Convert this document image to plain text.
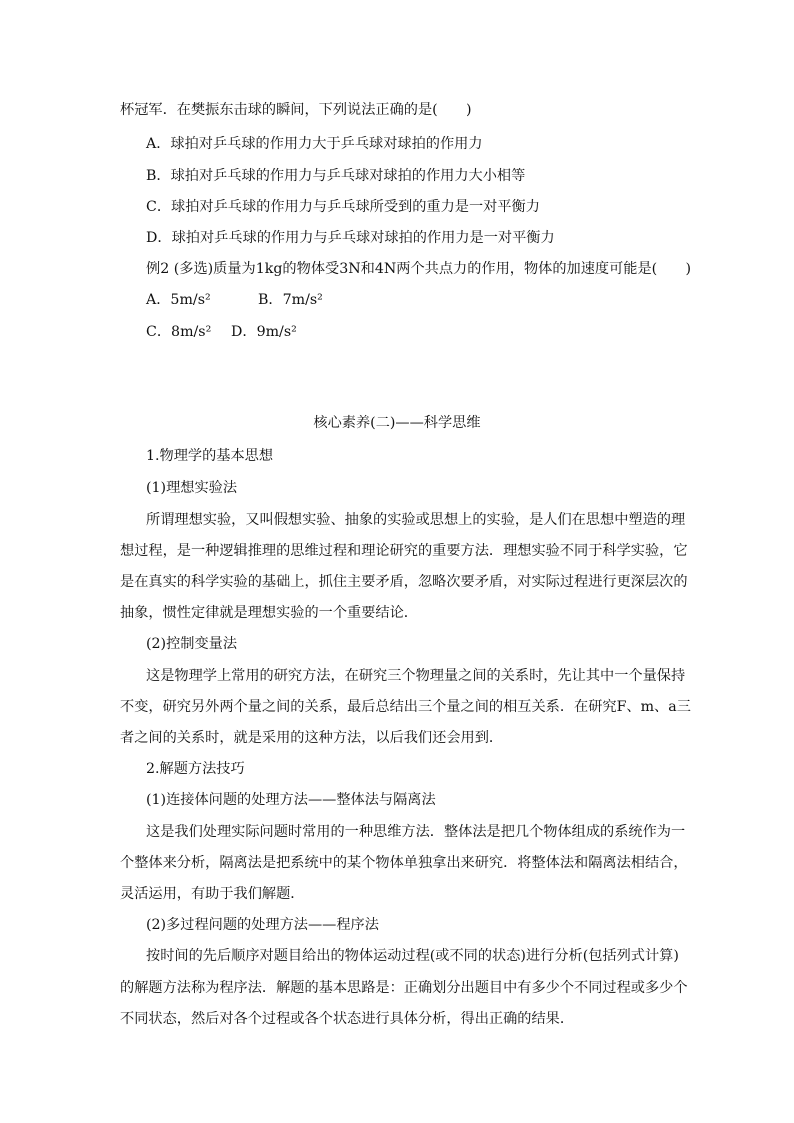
杯冠军．在樊振东击球的瞬间，下列说法正确的是(　　)
A．球拍对乒乓球的作用力大于乒乓球对球拍的作用力
B．球拍对乒乓球的作用力与乒乓球对球拍的作用力大小相等
C．球拍对乒乓球的作用力与乒乓球所受到的重力是一对平衡力
D．球拍对乒乓球的作用力与乒乓球对球拍的作用力是一对平衡力
例2 (多选)质量为1kg的物体受3N和4N两个共点力的作用，物体的加速度可能是(　　)
A．5m/s²	B．7m/s²
C．8m/s² D．9m/s²
核心素养(二)——科学思维
1.物理学的基本思想
(1)理想实验法
所谓理想实验，又叫假想实验、抽象的实验或思想上的实验，是人们在思想中塑造的理
想过程，是一种逻辑推理的思维过程和理论研究的重要方法．理想实验不同于科学实验，它
是在真实的科学实验的基础上，抓住主要矛盾，忽略次要矛盾，对实际过程进行更深层次的
抽象，惯性定律就是理想实验的一个重要结论．
(2)控制变量法
这是物理学上常用的研究方法，在研究三个物理量之间的关系时，先让其中一个量保持
不变，研究另外两个量之间的关系，最后总结出三个量之间的相互关系．在研究F、m、a三
者之间的关系时，就是采用的这种方法，以后我们还会用到．
2.解题方法技巧
(1)连接体问题的处理方法——整体法与隔离法
这是我们处理实际问题时常用的一种思维方法．整体法是把几个物体组成的系统作为一
个整体来分析，隔离法是把系统中的某个物体单独拿出来研究．将整体法和隔离法相结合，
灵活运用，有助于我们解题．
(2)多过程问题的处理方法——程序法
按时间的先后顺序对题目给出的物体运动过程(或不同的状态)进行分析(包括列式计算)
的解题方法称为程序法．解题的基本思路是：正确划分出题目中有多少个不同过程或多少个
不同状态，然后对各个过程或各个状态进行具体分析，得出正确的结果．
